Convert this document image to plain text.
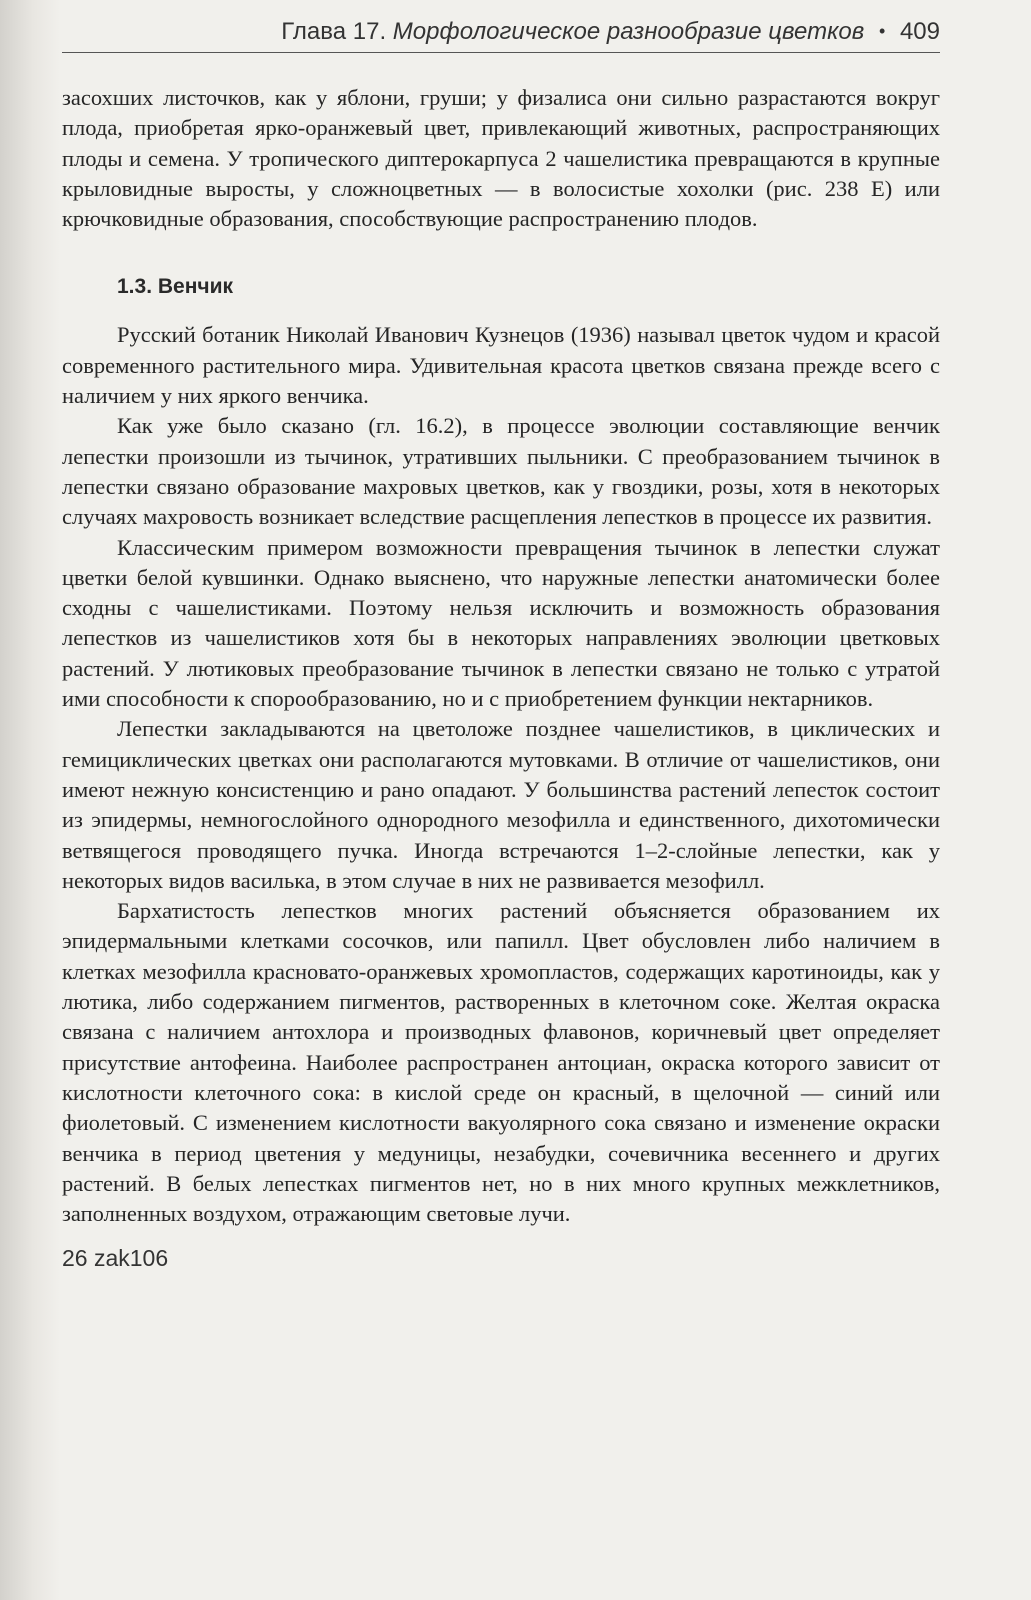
Глава 17. Морфологическое разнообразие цветков • 409

засохших листочков, как у яблони, груши; у физалиса они сильно разрастаются вокруг плода, приобретая ярко-оранжевый цвет, привлекающий животных, распространяющих плоды и семена. У тропического диптерокарпуса 2 чашелистика превращаются в крупные крыловидные выросты, у сложноцветных — в волосистые хохолки (рис. 238 Е) или крючковидные образования, способствующие распространению плодов.

1.3. Венчик

Русский ботаник Николай Иванович Кузнецов (1936) называл цветок чудом и красой современного растительного мира. Удивительная красота цветков связана прежде всего с наличием у них яркого венчика.

Как уже было сказано (гл. 16.2), в процессе эволюции составляющие венчик лепестки произошли из тычинок, утративших пыльники. С преобразованием тычинок в лепестки связано образование махровых цветков, как у гвоздики, розы, хотя в некоторых случаях махровость возникает вследствие расщепления лепестков в процессе их развития.

Классическим примером возможности превращения тычинок в лепестки служат цветки белой кувшинки. Однако выяснено, что наружные лепестки анатомически более сходны с чашелистиками. Поэтому нельзя исключить и возможность образования лепестков из чашелистиков хотя бы в некоторых направлениях эволюции цветковых растений. У лютиковых преобразование тычинок в лепестки связано не только с утратой ими способности к спорообразованию, но и с приобретением функции нектарников.

Лепестки закладываются на цветоложе позднее чашелистиков, в циклических и гемициклических цветках они располагаются мутовками. В отличие от чашелистиков, они имеют нежную консистенцию и рано опадают. У большинства растений лепесток состоит из эпидермы, немногослойного однородного мезофилла и единственного, дихотомически ветвящегося проводящего пучка. Иногда встречаются 1–2-слойные лепестки, как у некоторых видов василька, в этом случае в них не развивается мезофилл.

Бархатистость лепестков многих растений объясняется образованием их эпидермальными клетками сосочков, или папилл. Цвет обусловлен либо наличием в клетках мезофилла красновато-оранжевых хромопластов, содержащих каротиноиды, как у лютика, либо содержанием пигментов, растворенных в клеточном соке. Желтая окраска связана с наличием антохлора и производных флавонов, коричневый цвет определяет присутствие антофеина. Наиболее распространен антоциан, окраска которого зависит от кислотности клеточного сока: в кислой среде он красный, в щелочной — синий или фиолетовый. С изменением кислотности вакуолярного сока связано и изменение окраски венчика в период цветения у медуницы, незабудки, сочевичника весеннего и других растений. В белых лепестках пигментов нет, но в них много крупных межклетников, заполненных воздухом, отражающим световые лучи.

26 zak106
